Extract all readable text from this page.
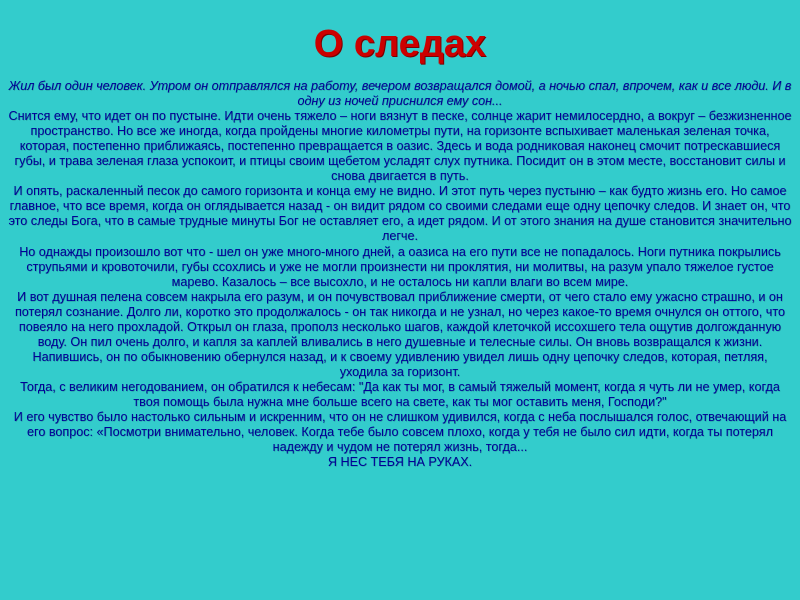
О следах

Жил был один человек. Утром он отправлялся на работу, вечером возвращался домой, а ночью спал, впрочем, как и все люди. И в одну из ночей приснился ему сон...

Снится ему, что идет он по пустыне. Идти очень тяжело – ноги вязнут в песке, солнце жарит немилосердно, а вокруг – безжизненное пространство. Но все же иногда, когда пройдены многие километры пути, на горизонте вспыхивает маленькая зеленая точка, которая, постепенно приближаясь, постепенно превращается в оазис. Здесь и вода родниковая наконец смочит потрескавшиеся губы, и трава зеленая глаза успокоит, и птицы своим щебетом усладят слух путника. Посидит он в этом месте, восстановит силы и снова двигается в путь.

И опять, раскаленный песок до самого горизонта и конца ему не видно. И этот путь через пустыню – как будто жизнь его. Но самое главное, что все время, когда он оглядывается назад - он видит рядом со своими следами еще одну цепочку следов. И знает он, что это следы Бога, что в самые трудные минуты Бог не оставляет его, а идет рядом. И от этого знания на душе становится значительно легче.

Но однажды произошло вот что - шел он уже много-много дней, а оазиса на его пути все не попадалось. Ноги путника покрылись струпьями и кровоточили, губы ссохлись и уже не могли произнести ни проклятия, ни молитвы, на разум упало тяжелое густое марево. Казалось – все высохло, и не осталось ни капли влаги во всем мире.

И вот душная пелена совсем накрыла его разум, и он почувствовал приближение смерти, от чего стало ему ужасно страшно, и он потерял сознание. Долго ли, коротко это продолжалось - он так никогда и не узнал, но через какое-то время очнулся он оттого, что повеяло на него прохладой. Открыл он глаза, прополз несколько шагов, каждой клеточкой иссохшего тела ощутив долгожданную воду. Он пил очень долго, и капля за каплей вливались в него душевные и телесные силы. Он вновь возвращался к жизни. Напившись, он по обыкновению обернулся назад, и к своему удивлению увидел лишь одну цепочку следов, которая, петляя, уходила за горизонт.

Тогда, с великим негодованием, он обратился к небесам: "Да как ты мог, в самый тяжелый момент, когда я чуть ли не умер, когда твоя помощь была нужна мне больше всего на свете, как ты мог оставить меня, Господи?"

И его чувство было настолько сильным и искренним, что он не слишком удивился, когда с неба послышался голос, отвечающий на его вопрос: «Посмотри внимательно, человек. Когда тебе было совсем плохо, когда у тебя не было сил идти, когда ты потерял надежду и чудом не потерял жизнь, тогда...

Я НЕС ТЕБЯ НА РУКАХ.
